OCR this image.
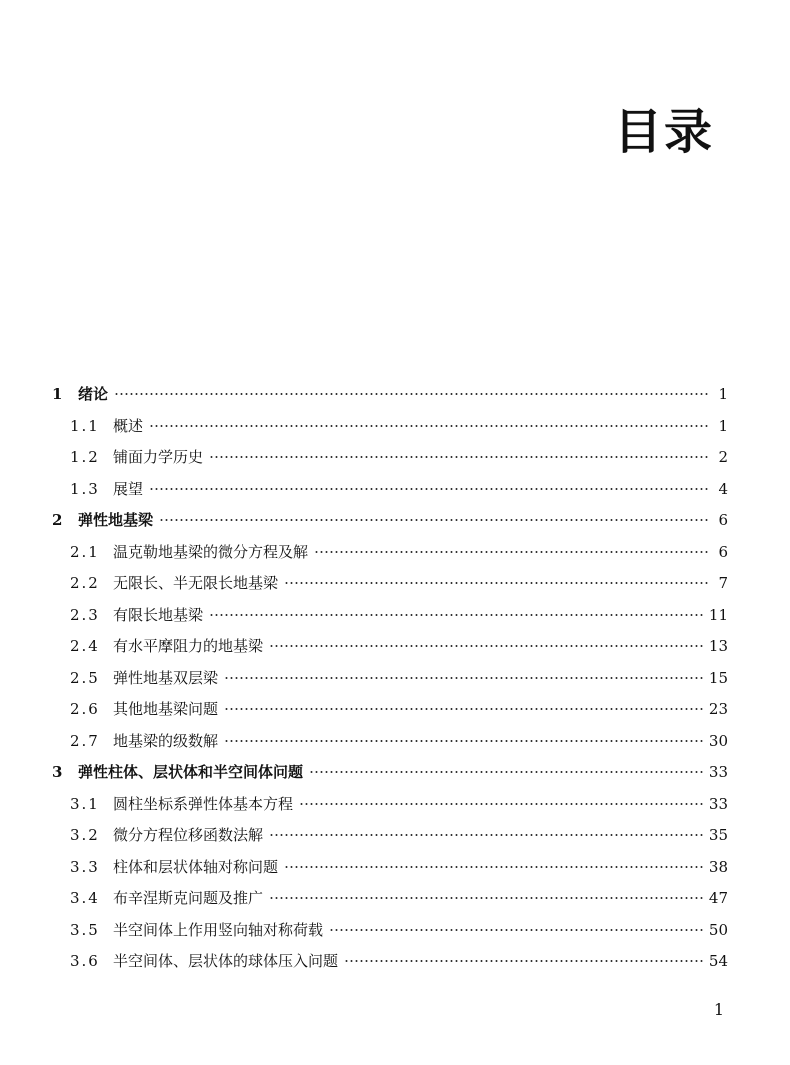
目录
1 绪论	1
1.1 概述	1
1.2 铺面力学历史	2
1.3 展望	4
2 弹性地基梁	6
2.1 温克勒地基梁的微分方程及解	6
2.2 无限长、半无限长地基梁	7
2.3 有限长地基梁	11
2.4 有水平摩阻力的地基梁	13
2.5 弹性地基双层梁	15
2.6 其他地基梁问题	23
2.7 地基梁的级数解	30
3 弹性柱体、层状体和半空间体问题	33
3.1 圆柱坐标系弹性体基本方程	33
3.2 微分方程位移函数法解	35
3.3 柱体和层状体轴对称问题	38
3.4 布辛涅斯克问题及推广	47
3.5 半空间体上作用竖向轴对称荷载	50
3.6 半空间体、层状体的球体压入问题	54
1
